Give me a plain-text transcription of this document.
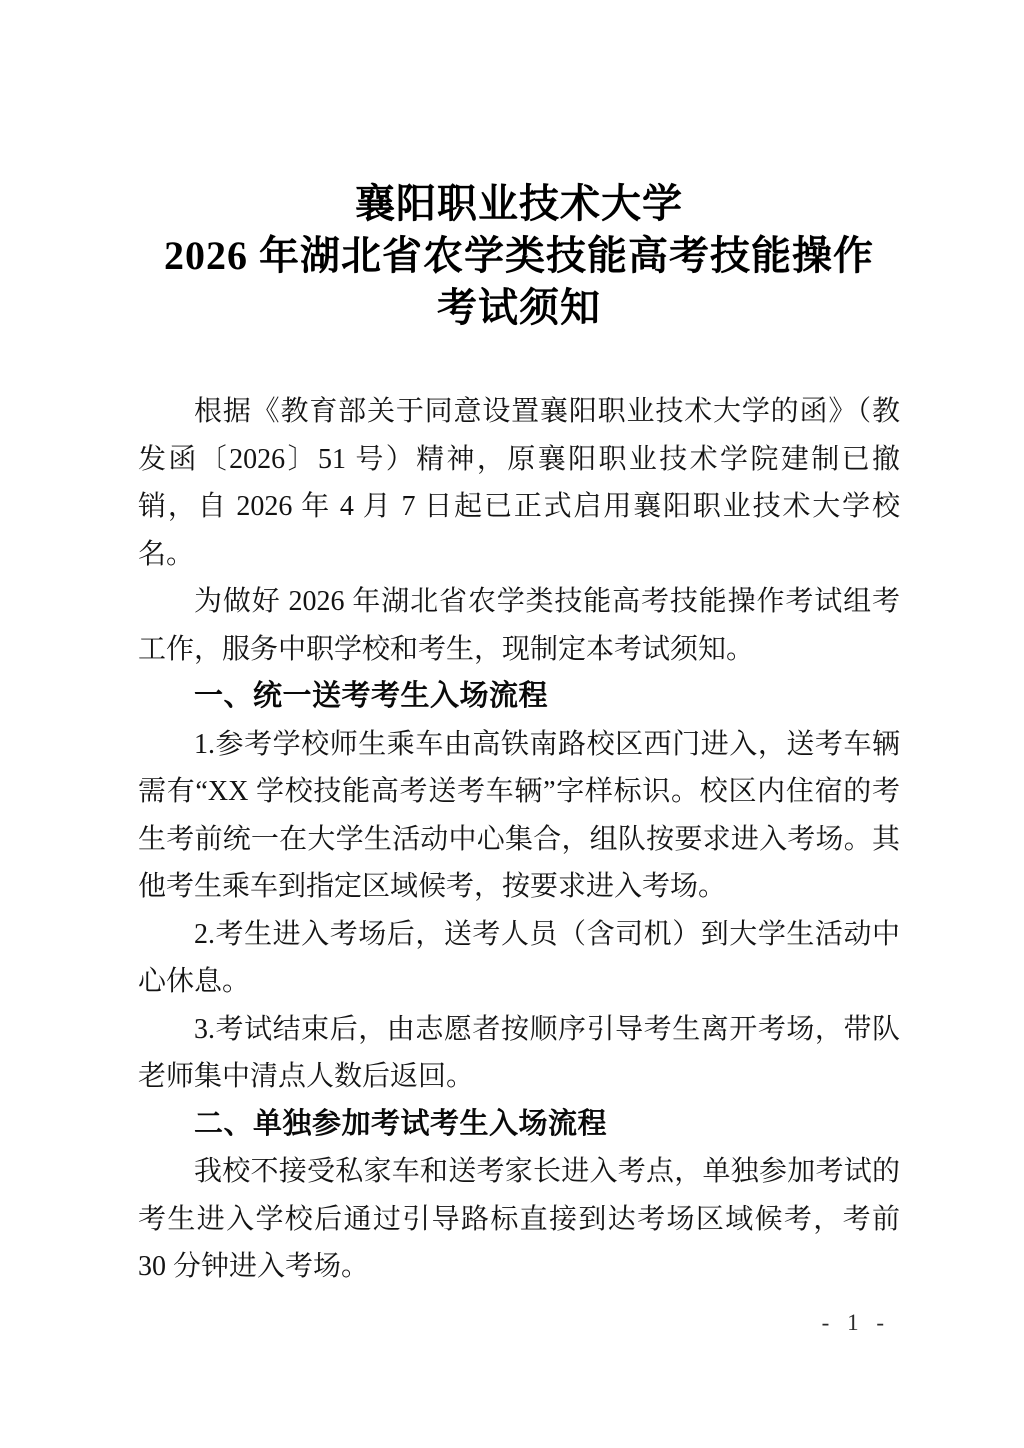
襄阳职业技术大学
2026 年湖北省农学类技能高考技能操作
考试须知

根据《教育部关于同意设置襄阳职业技术大学的函》（教发函〔2026〕51 号）精神，原襄阳职业技术学院建制已撤销，自 2026 年 4 月 7 日起已正式启用襄阳职业技术大学校名。

为做好 2026 年湖北省农学类技能高考技能操作考试组考工作，服务中职学校和考生，现制定本考试须知。

一、统一送考考生入场流程

1.参考学校师生乘车由高铁南路校区西门进入，送考车辆需有“XX 学校技能高考送考车辆”字样标识。校区内住宿的考生考前统一在大学生活动中心集合，组队按要求进入考场。其他考生乘车到指定区域候考，按要求进入考场。

2.考生进入考场后，送考人员（含司机）到大学生活动中心休息。

3.考试结束后，由志愿者按顺序引导考生离开考场，带队老师集中清点人数后返回。

二、单独参加考试考生入场流程

我校不接受私家车和送考家长进入考点，单独参加考试的考生进入学校后通过引导路标直接到达考场区域候考，考前 30 分钟进入考场。

- 1 -
